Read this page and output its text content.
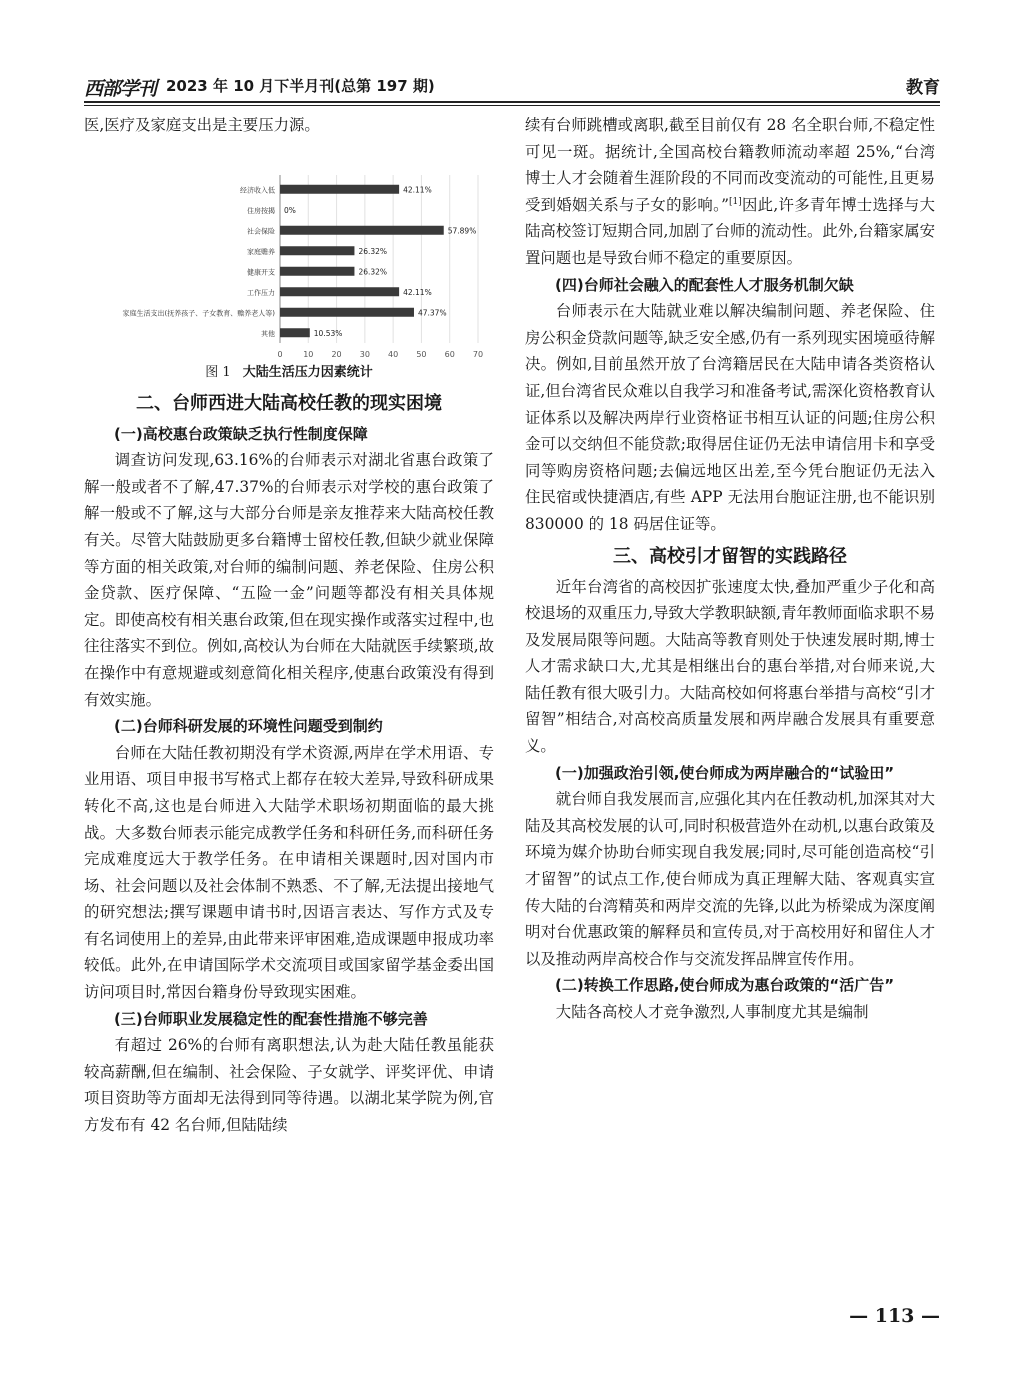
西部学刊 2023 年 10 月下半月刊(总第 197 期)	教育

医,医疗及家庭支出是主要压力源。

0	10 20 30 40 50 60 70
经济收入低	42.11%
住房按揭 0%
社会保险	57.89%
家庭赡养	26.32%
健康开支	26.32%
工作压力	42.11%
家庭生活支出(抚养孩子、子女教育、赡养老人等)	47.37%
其他	10.53%
图 1 大陆生活压力因素统计
二、台师西进大陆高校任教的现实困境
(一)高校惠台政策缺乏执行性制度保障

调查访问发现,63.16%的台师表示对湖北省惠台政策了解一般或者不了解,47.37%的台师表示对学校的惠台政策了解一般或不了解,这与大部分台师是亲友推荐来大陆高校任教有关。尽管大陆鼓励更多台籍博士留校任教,但缺少就业保障等方面的相关政策,对台师的编制问题、养老保险、住房公积金贷款、医疗保障、“五险一金”问题等都没有相关具体规定。即使高校有相关惠台政策,但在现实操作或落实过程中,也往往落实不到位。例如,高校认为台师在大陆就医手续繁琐,故在操作中有意规避或刻意简化相关程序,使惠台政策没有得到有效实施。

(二)台师科研发展的环境性问题受到制约

台师在大陆任教初期没有学术资源,两岸在学术用语、专业用语、项目申报书写格式上都存在较大差异,导致科研成果转化不高,这也是台师进入大陆学术职场初期面临的最大挑战。大多数台师表示能完成教学任务和科研任务,而科研任务完成难度远大于教学任务。在申请相关课题时,因对国内市场、社会问题以及社会体制不熟悉、不了解,无法提出接地气的研究想法;撰写课题申请书时,因语言表达、写作方式及专有名词使用上的差异,由此带来评审困难,造成课题申报成功率较低。此外,在申请国际学术交流项目或国家留学基金委出国访问项目时,常因台籍身份导致现实困难。

(三)台师职业发展稳定性的配套性措施不够完善

有超过 26%的台师有离职想法,认为赴大陆任教虽能获较高薪酬,但在编制、社会保险、子女就学、评奖评优、申请项目资助等方面却无法得到同等待遇。以湖北某学院为例,官方发布有 42 名台师,但陆陆续

续有台师跳槽或离职,截至目前仅有 28 名全职台师,不稳定性可见一斑。据统计,全国高校台籍教师流动率超 25%,“台湾博士人才会随着生涯阶段的不同而改变流动的可能性,且更易受到婚姻关系与子女的影响。”[1]因此,许多青年博士选择与大陆高校签订短期合同,加剧了台师的流动性。此外,台籍家属安置问题也是导致台师不稳定的重要原因。

(四)台师社会融入的配套性人才服务机制欠缺

台师表示在大陆就业难以解决编制问题、养老保险、住房公积金贷款问题等,缺乏安全感,仍有一系列现实困境亟待解决。例如,目前虽然开放了台湾籍居民在大陆申请各类资格认证,但台湾省民众难以自我学习和准备考试,需深化资格教育认证体系以及解决两岸行业资格证书相互认证的问题;住房公积金可以交纳但不能贷款;取得居住证仍无法申请信用卡和享受同等购房资格问题;去偏远地区出差,至今凭台胞证仍无法入住民宿或快捷酒店,有些 APP 无法用台胞证注册,也不能识别 830000 的 18 码居住证等。

三、高校引才留智的实践路径

近年台湾省的高校因扩张速度太快,叠加严重少子化和高校退场的双重压力,导致大学教职缺额,青年教师面临求职不易及发展局限等问题。大陆高等教育则处于快速发展时期,博士人才需求缺口大,尤其是相继出台的惠台举措,对台师来说,大陆任教有很大吸引力。大陆高校如何将惠台举措与高校“引才留智”相结合,对高校高质量发展和两岸融合发展具有重要意义。

(一)加强政治引领,使台师成为两岸融合的“试验田”

就台师自我发展而言,应强化其内在任教动机,加深其对大陆及其高校发展的认可,同时积极营造外在动机,以惠台政策及环境为媒介协助台师实现自我发展;同时,尽可能创造高校“引才留智”的试点工作,使台师成为真正理解大陆、客观真实宣传大陆的台湾精英和两岸交流的先锋,以此为桥梁成为深度阐明对台优惠政策的解释员和宣传员,对于高校用好和留住人才以及推动两岸高校合作与交流发挥品牌宣传作用。

(二)转换工作思路,使台师成为惠台政策的“活广告”

大陆各高校人才竞争激烈,人事制度尤其是编制

— 113 —
